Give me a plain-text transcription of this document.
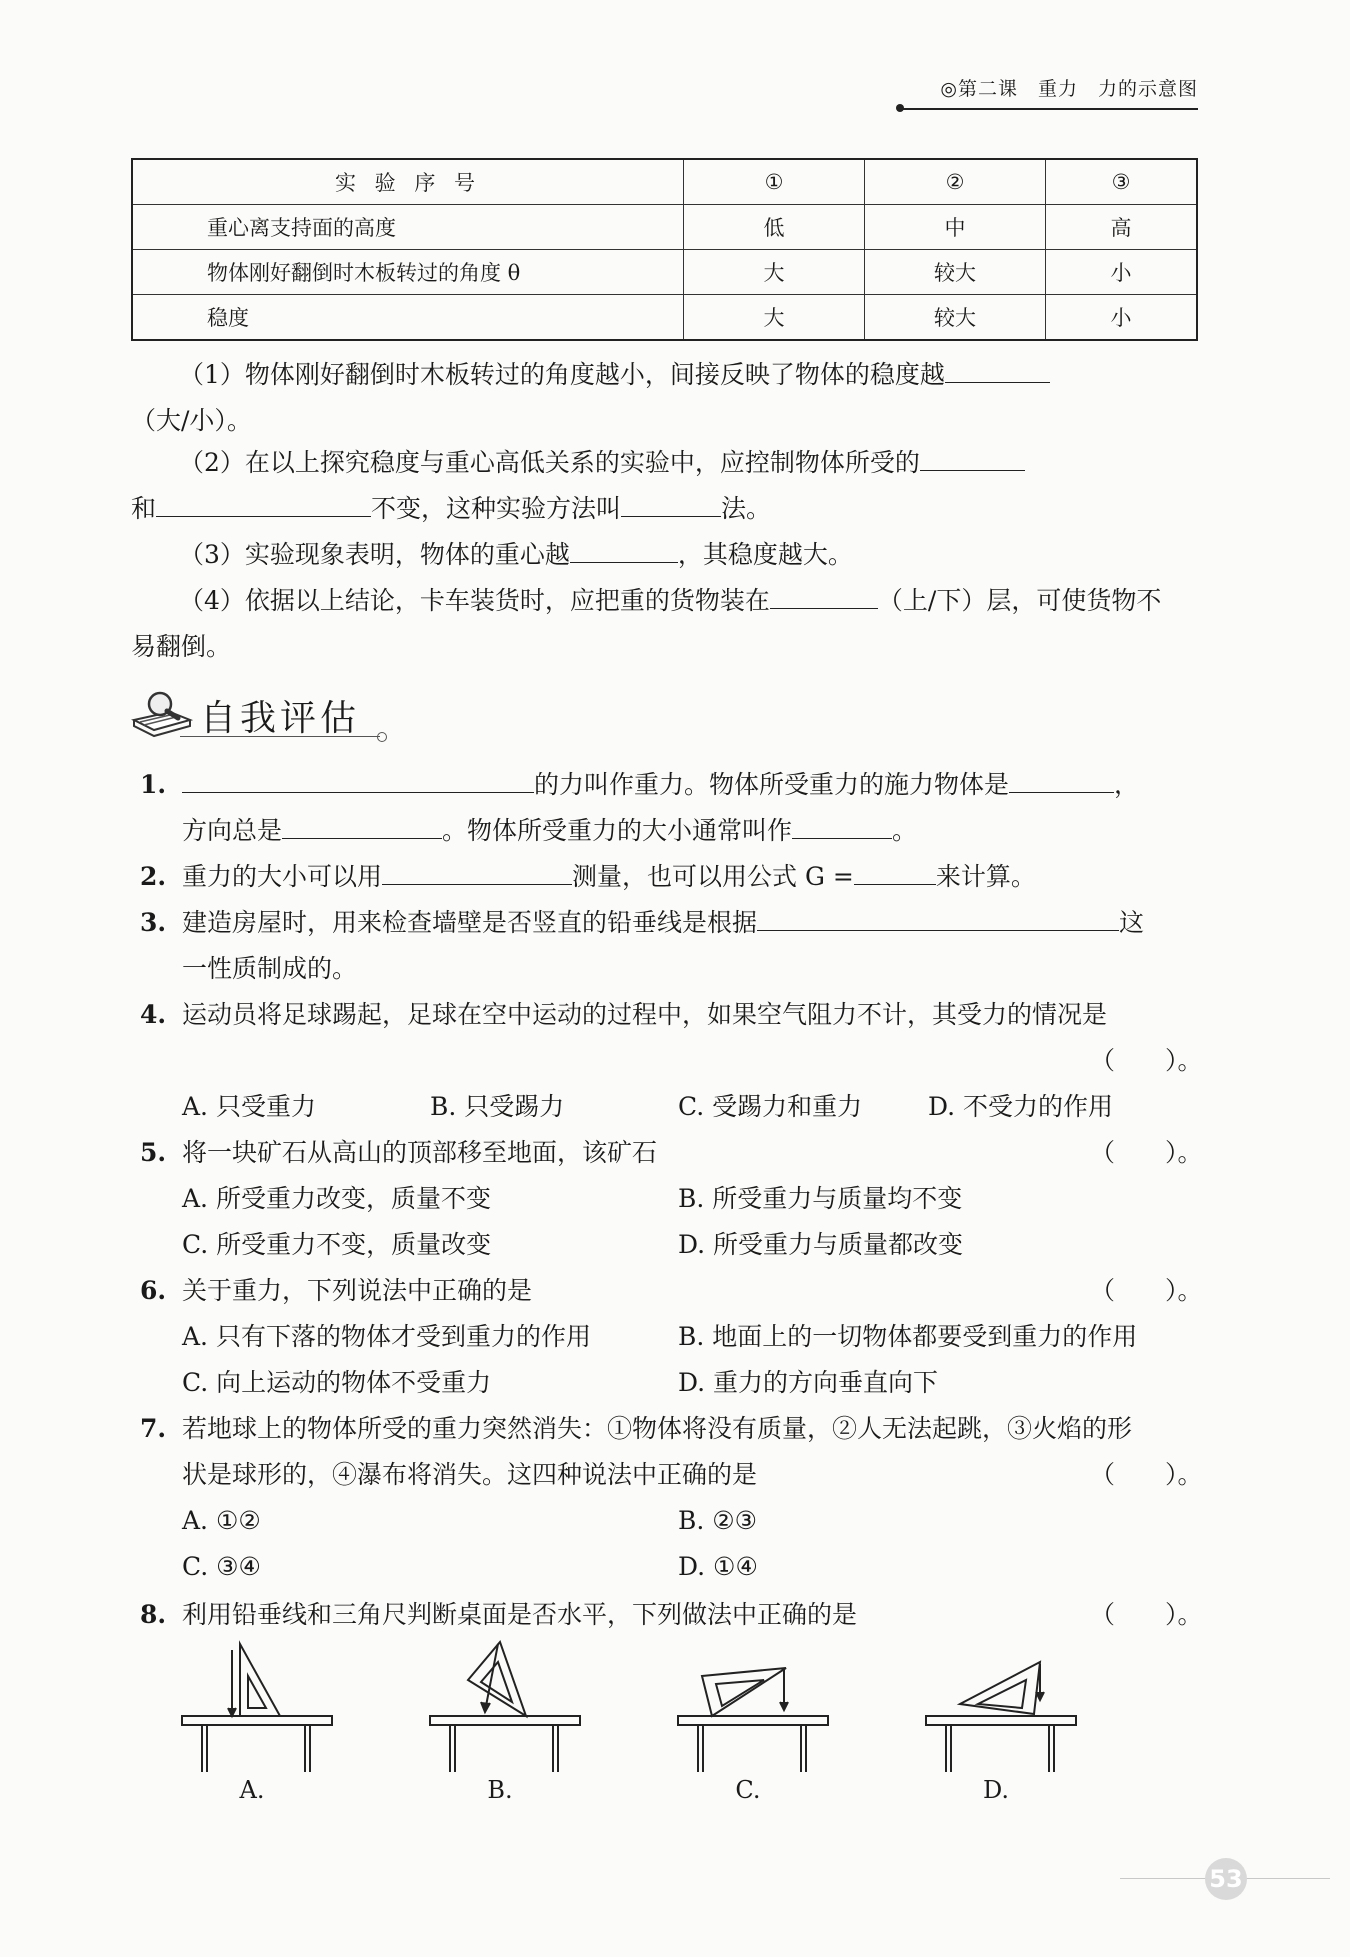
◎第二课　重力　力的示意图
实 验 序 号	①	②	③
重心离支持面的高度	低	中	高
物体刚好翻倒时木板转过的角度 θ	大	较大	小
稳度	大	较大	小
（1）物体刚好翻倒时木板转过的角度越小，间接反映了物体的稳度越
（大/小）。
（2）在以上探究稳度与重心高低关系的实验中，应控制物体所受的
和	不变，这种实验方法叫	法。
（3）实验现象表明，物体的重心越	，其稳度越大。
（4）依据以上结论，卡车装货时，应把重的货物装在	（上/下）层，可使货物不
易翻倒。
自我评估
1.	的力叫作重力。物体所受重力的施力物体是	，
方向总是	。物体所受重力的大小通常叫作	。
2. 重力的大小可以用	测量，也可以用公式 G =	来计算。
3. 建造房屋时，用来检查墙壁是否竖直的铅垂线是根据	这
一性质制成的。
4. 运动员将足球踢起，足球在空中运动的过程中，如果空气阻力不计，其受力的情况是
（　　）。
A. 只受重力	B. 只受踢力	C. 受踢力和重力	D. 不受力的作用
5. 将一块矿石从高山的顶部移至地面，该矿石	（　　）。
A. 所受重力改变，质量不变	B. 所受重力与质量均不变
C. 所受重力不变，质量改变	D. 所受重力与质量都改变
6. 关于重力，下列说法中正确的是	（　　）。
A. 只有下落的物体才受到重力的作用	B. 地面上的一切物体都要受到重力的作用
C. 向上运动的物体不受重力	D. 重力的方向垂直向下
7. 若地球上的物体所受的重力突然消失：①物体将没有质量，②人无法起跳，③火焰的形
状是球形的，④瀑布将消失。这四种说法中正确的是	（　　）。
A. ①②	B. ②③
C. ③④	D. ①④
8. 利用铅垂线和三角尺判断桌面是否水平，下列做法中正确的是	（　　）。
A.	B.	C.	D.
53
